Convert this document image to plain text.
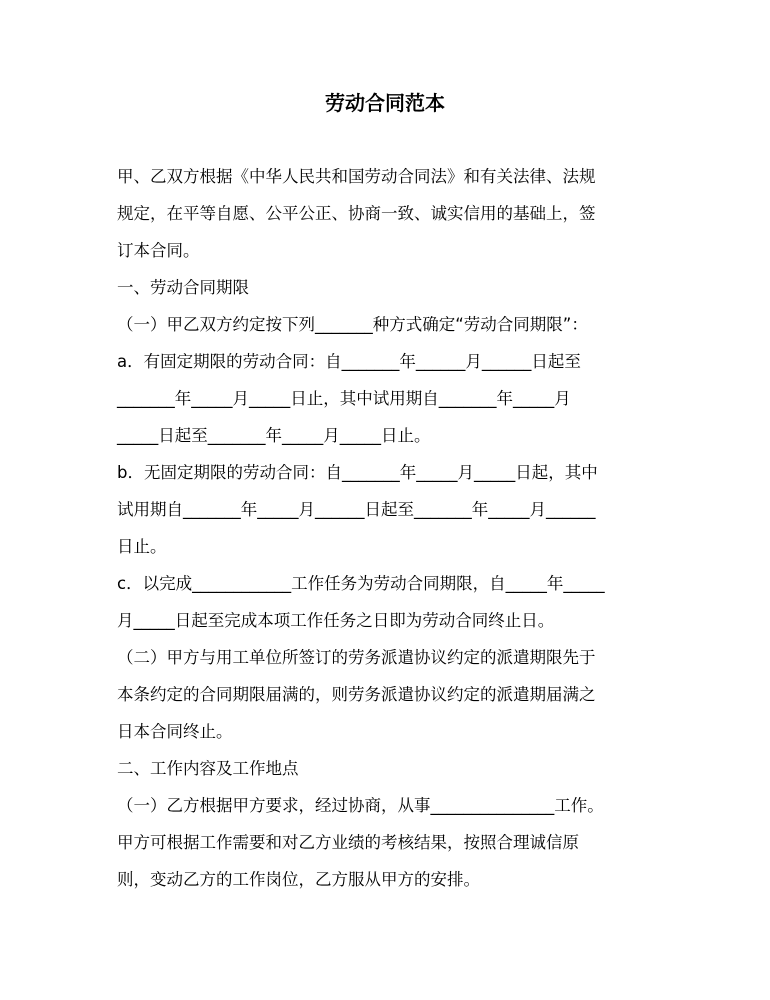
劳动合同范本
甲、乙双方根据《中华人民共和国劳动合同法》和有关法律、法规
规定，在平等自愿、公平公正、协商一致、诚实信用的基础上，签
订本合同。
一、劳动合同期限
（一）甲乙双方约定按下列_______种方式确定“劳动合同期限”：
a．有固定期限的劳动合同：自_______年______月______日起至
_______年_____月_____日止，其中试用期自_______年_____月
_____日起至_______年_____月_____日止。
b．无固定期限的劳动合同：自_______年_____月_____日起，其中
试用期自_______年_____月______日起至_______年_____月______
日止。
c．以完成____________工作任务为劳动合同期限，自_____年_____
月_____日起至完成本项工作任务之日即为劳动合同终止日。
（二）甲方与用工单位所签订的劳务派遣协议约定的派遣期限先于
本条约定的合同期限届满的，则劳务派遣协议约定的派遣期届满之
日本合同终止。
二、工作内容及工作地点
（一）乙方根据甲方要求，经过协商，从事_______________工作。
甲方可根据工作需要和对乙方业绩的考核结果，按照合理诚信原
则，变动乙方的工作岗位，乙方服从甲方的安排。
